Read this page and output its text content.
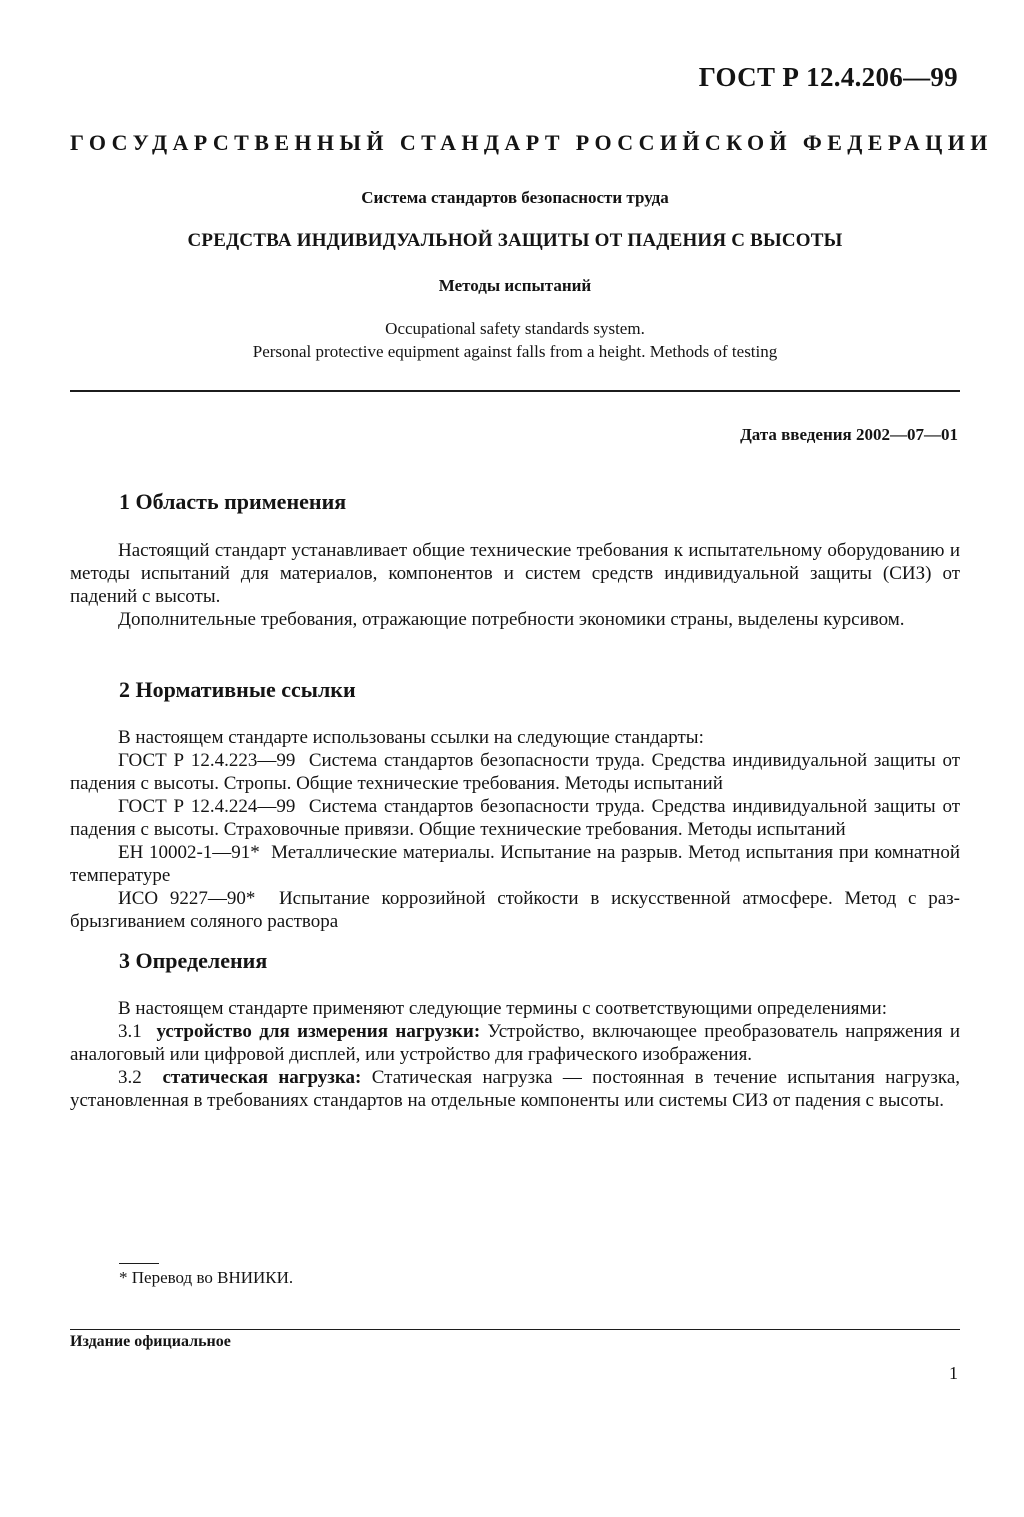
ГОСТ Р 12.4.206—99
ГОСУДАРСТВЕННЫЙ СТАНДАРТ РОССИЙСКОЙ ФЕДЕРАЦИИ
Система стандартов безопасности труда
СРЕДСТВА ИНДИВИДУАЛЬНОЙ ЗАЩИТЫ ОТ ПАДЕНИЯ С ВЫСОТЫ
Методы испытаний
Occupational safety standards system.
Personal protective equipment against falls from a height. Methods of testing
Дата введения 2002—07—01
1 Область применения
Настоящий стандарт устанавливает общие технические требования к испытательному оборудованию и методы испытаний для материалов, компонентов и систем средств индивидуальной защиты (СИЗ) от падений с высоты.
Дополнительные требования, отражающие потребности экономики страны, выделены курсивом.
2 Нормативные ссылки
В настоящем стандарте использованы ссылки на следующие стандарты:
ГОСТ Р 12.4.223—99 Система стандартов безопасности труда. Средства индивидуальной защиты от падения с высоты. Стропы. Общие технические требования. Методы испытаний
ГОСТ Р 12.4.224—99 Система стандартов безопасности труда. Средства индивидуальной защиты от падения с высоты. Страховочные привязи. Общие технические требования. Методы испытаний
ЕН 10002-1—91* Металлические материалы. Испытание на разрыв. Метод испытания при комнатной температуре
ИСО 9227—90* Испытание коррозийной стойкости в искусственной атмосфере. Метод с разбрызгиванием соляного раствора
3 Определения
В настоящем стандарте применяют следующие термины с соответствующими определениями:
3.1 устройство для измерения нагрузки: Устройство, включающее преобразователь напряжения и аналоговый или цифровой дисплей, или устройство для графического изображения.
3.2 статическая нагрузка: Статическая нагрузка — постоянная в течение испытания нагрузка, установленная в требованиях стандартов на отдельные компоненты или системы СИЗ от падения с высоты.
* Перевод во ВНИИКИ.
Издание официальное
1
